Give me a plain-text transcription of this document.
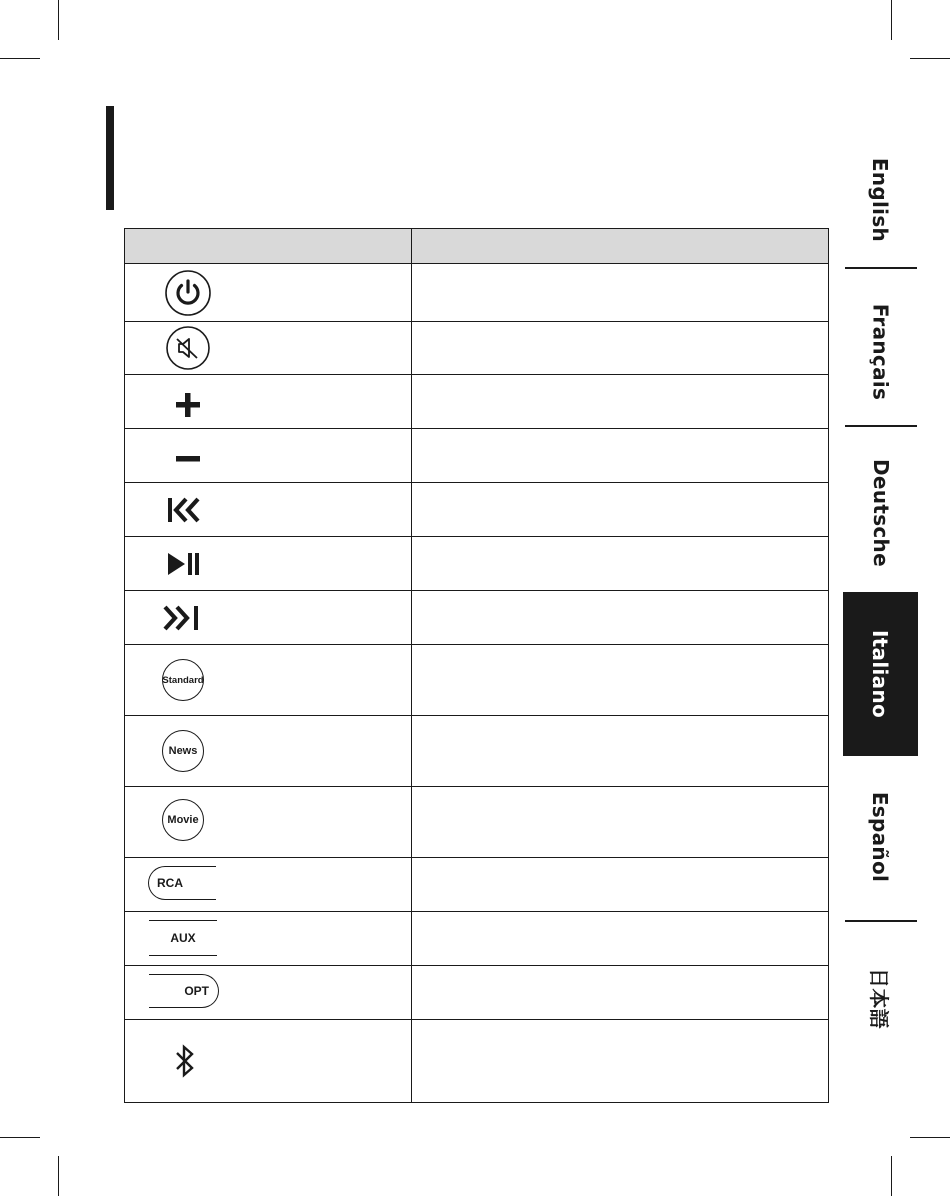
Standard	

News	

Movie	

RCA	

AUX	

OPT	

English
Français
Deutsche
Italiano
Español
日本語
